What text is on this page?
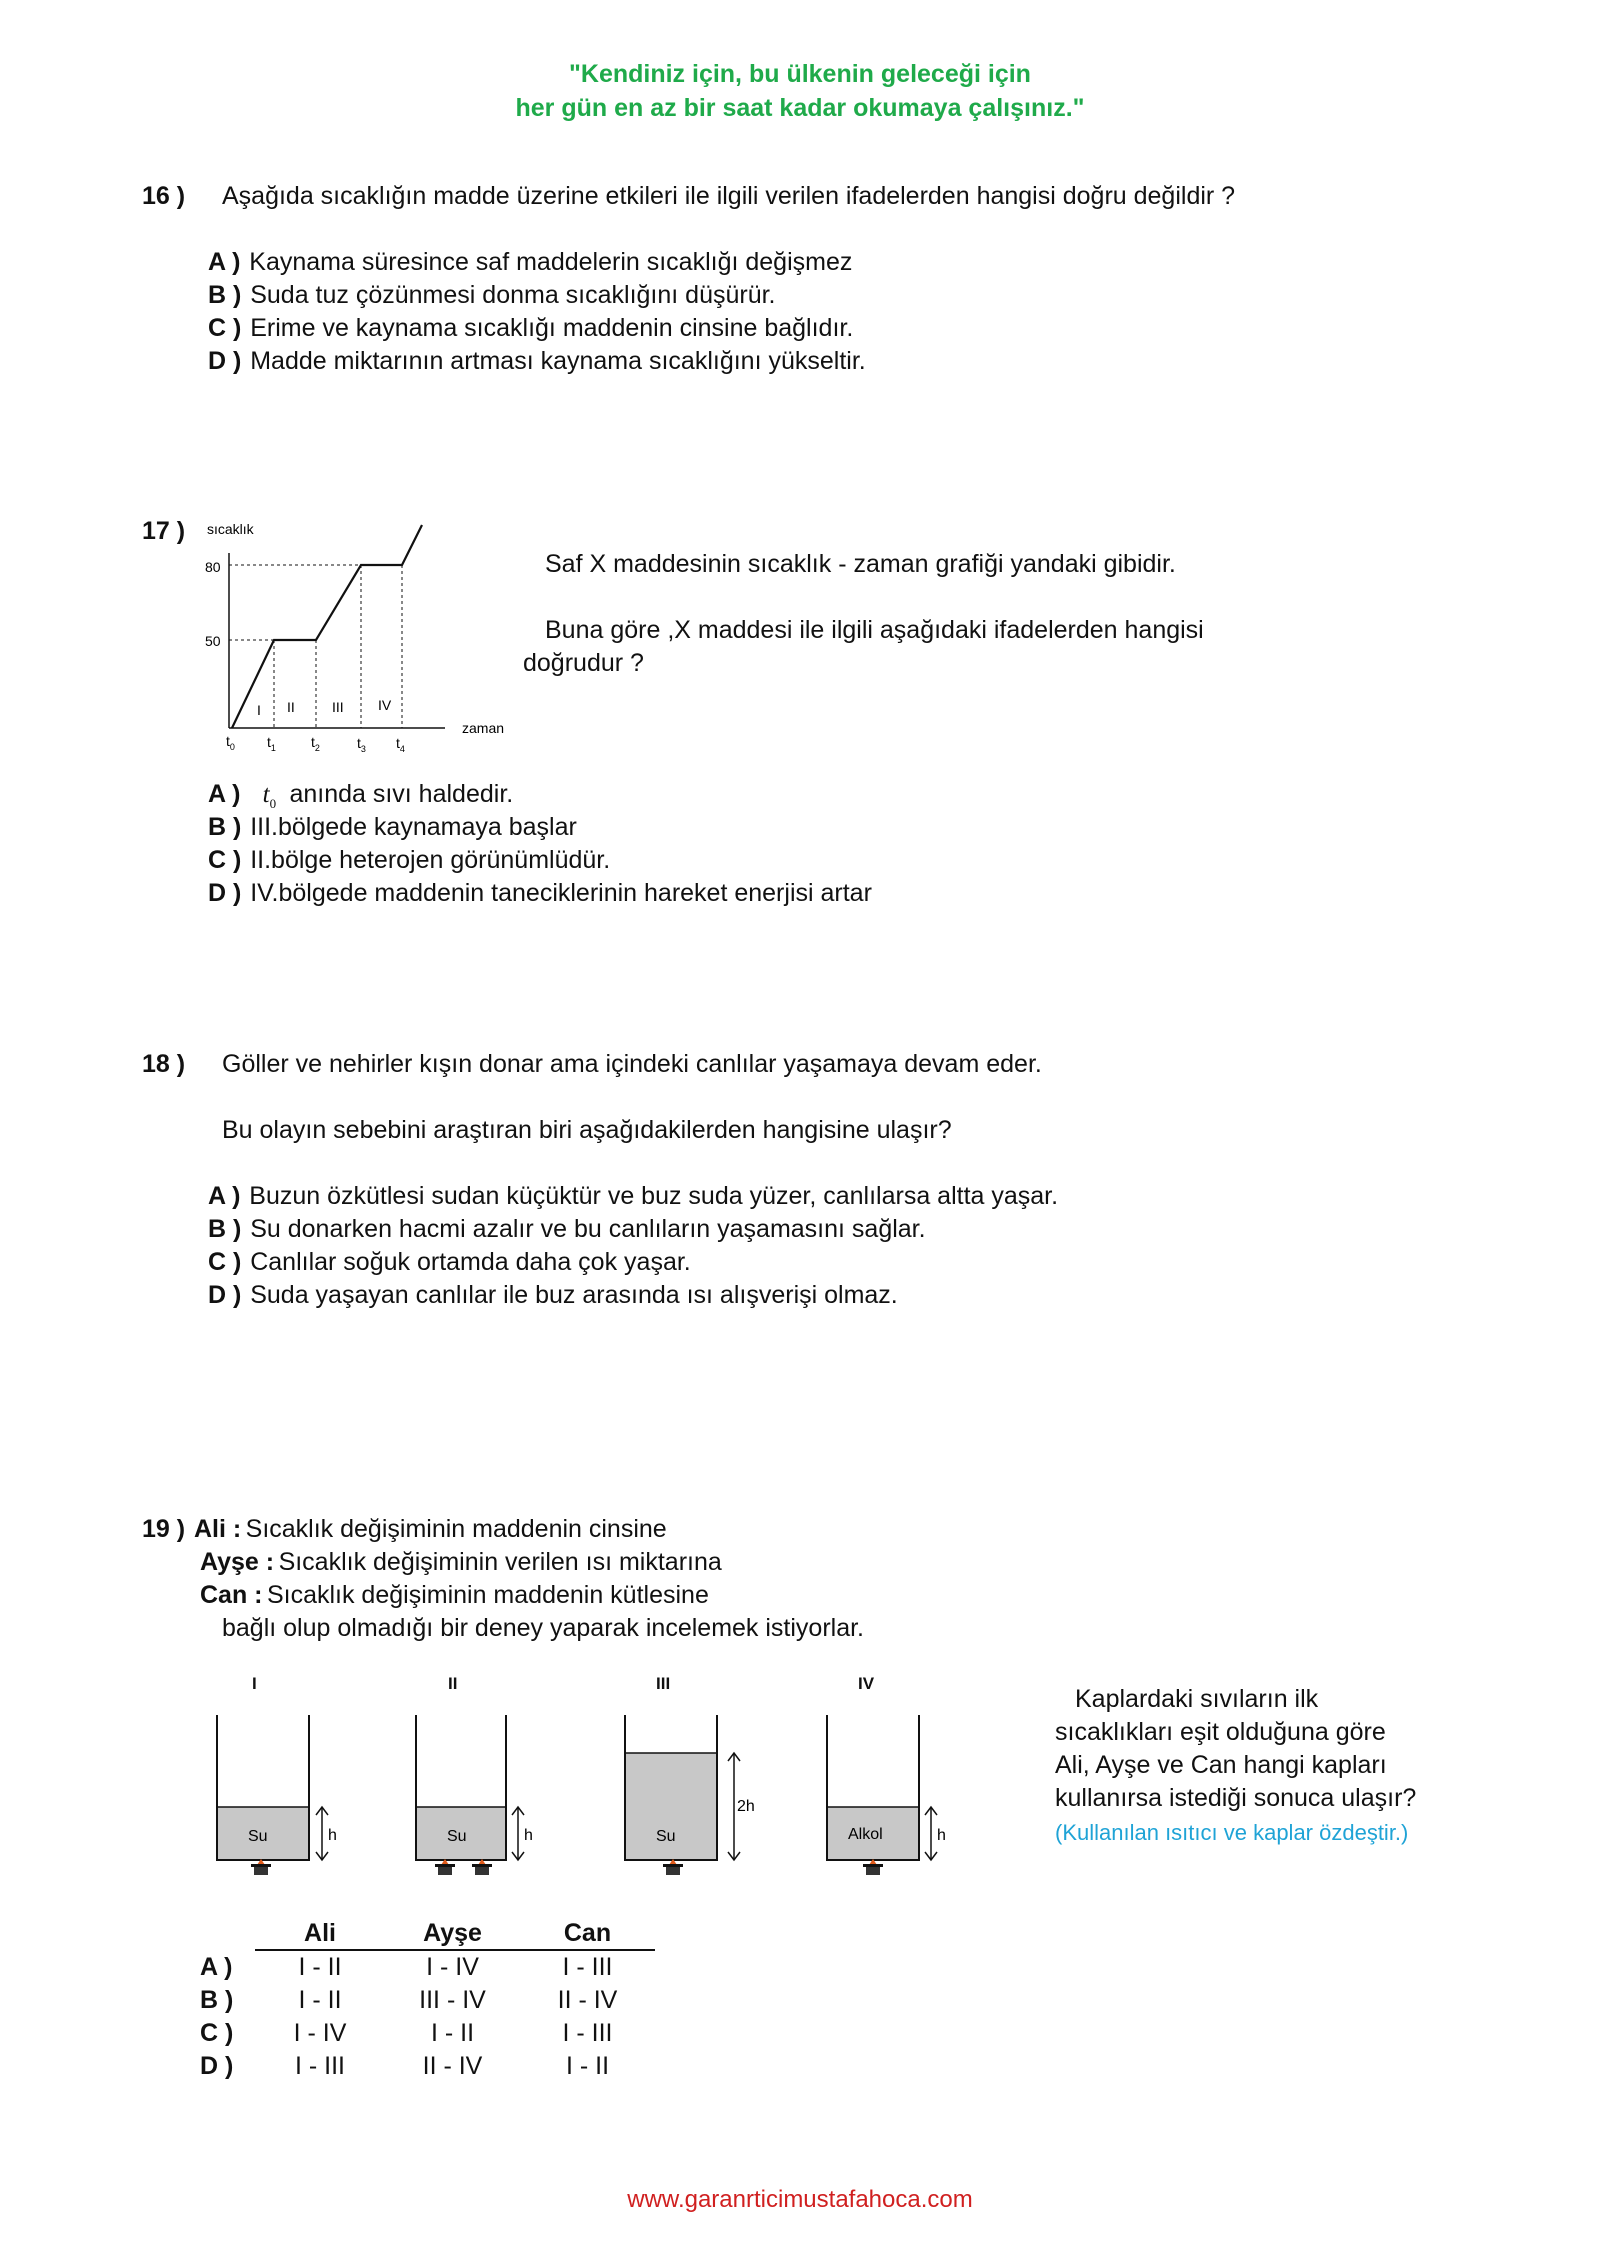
"Kendiniz için, bu ülkenin geleceği için
her gün en az bir saat kadar okumaya çalışınız."
16 ) Aşağıda sıcaklığın madde üzerine etkileri ile ilgili verilen ifadelerden hangisi doğru değildir ?
A ) Kaynama süresince saf maddelerin sıcaklığı değişmez
B ) Suda tuz çözünmesi donma sıcaklığını düşürür.
C ) Erime ve kaynama sıcaklığı maddenin cinsine bağlıdır.
D ) Madde miktarının artması kaynama sıcaklığını yükseltir.
17 ) sıcaklık
80
50
I II	III IV
zaman
$t_0$ $t_1$	$t_2$	$t_3$ $t_4$
Saf X maddesinin sıcaklık - zaman grafiği yandaki gibidir.
Buna göre ,X maddesi ile ilgili aşağıdaki ifadelerden hangisi
doğrudur ?
A ) $t_0$ anında sıvı haldedir.
B ) III.bölgede kaynamaya başlar
C ) II.bölge heterojen görünümlüdür.
D ) IV.bölgede maddenin taneciklerinin hareket enerjisi artar
18 ) Göller ve nehirler kışın donar ama içindeki canlılar yaşamaya devam eder.
Bu olayın sebebini araştıran biri aşağıdakilerden hangisine ulaşır?
A ) Buzun özkütlesi sudan küçüktür ve buz suda yüzer, canlılarsa altta yaşar.
B ) Su donarken hacmi azalır ve bu canlıların yaşamasını sağlar.
C ) Canlılar soğuk ortamda daha çok yaşar.
D ) Suda yaşayan canlılar ile buz arasında ısı alışverişi olmaz.
19 ) Ali : Sıcaklık değişiminin maddenin cinsine
Ayşe : Sıcaklık değişiminin verilen ısı miktarına
Can : Sıcaklık değişiminin maddenin kütlesine
bağlı olup olmadığı bir deney yaparak incelemek istiyorlar.
I	II	III	IV
Su	h	Su	h	Su
2h
Alkol	h
Kaplardaki sıvıların ilk
sıcaklıkları eşit olduğuna göre
Ali, Ayşe ve Can hangi kapları
kullanırsa istediği sonuca ulaşır?
(Kullanılan ısıtıcı ve kaplar özdeştir.)
	Ali	Ayşe	Can
A )	I - II	I - IV	I - III
B )	I - II	III - IV	II - IV
C )	I - IV	I - II	I - III
D )	I - III	II - IV	I - II
www.garanrticimustafahoca.com
